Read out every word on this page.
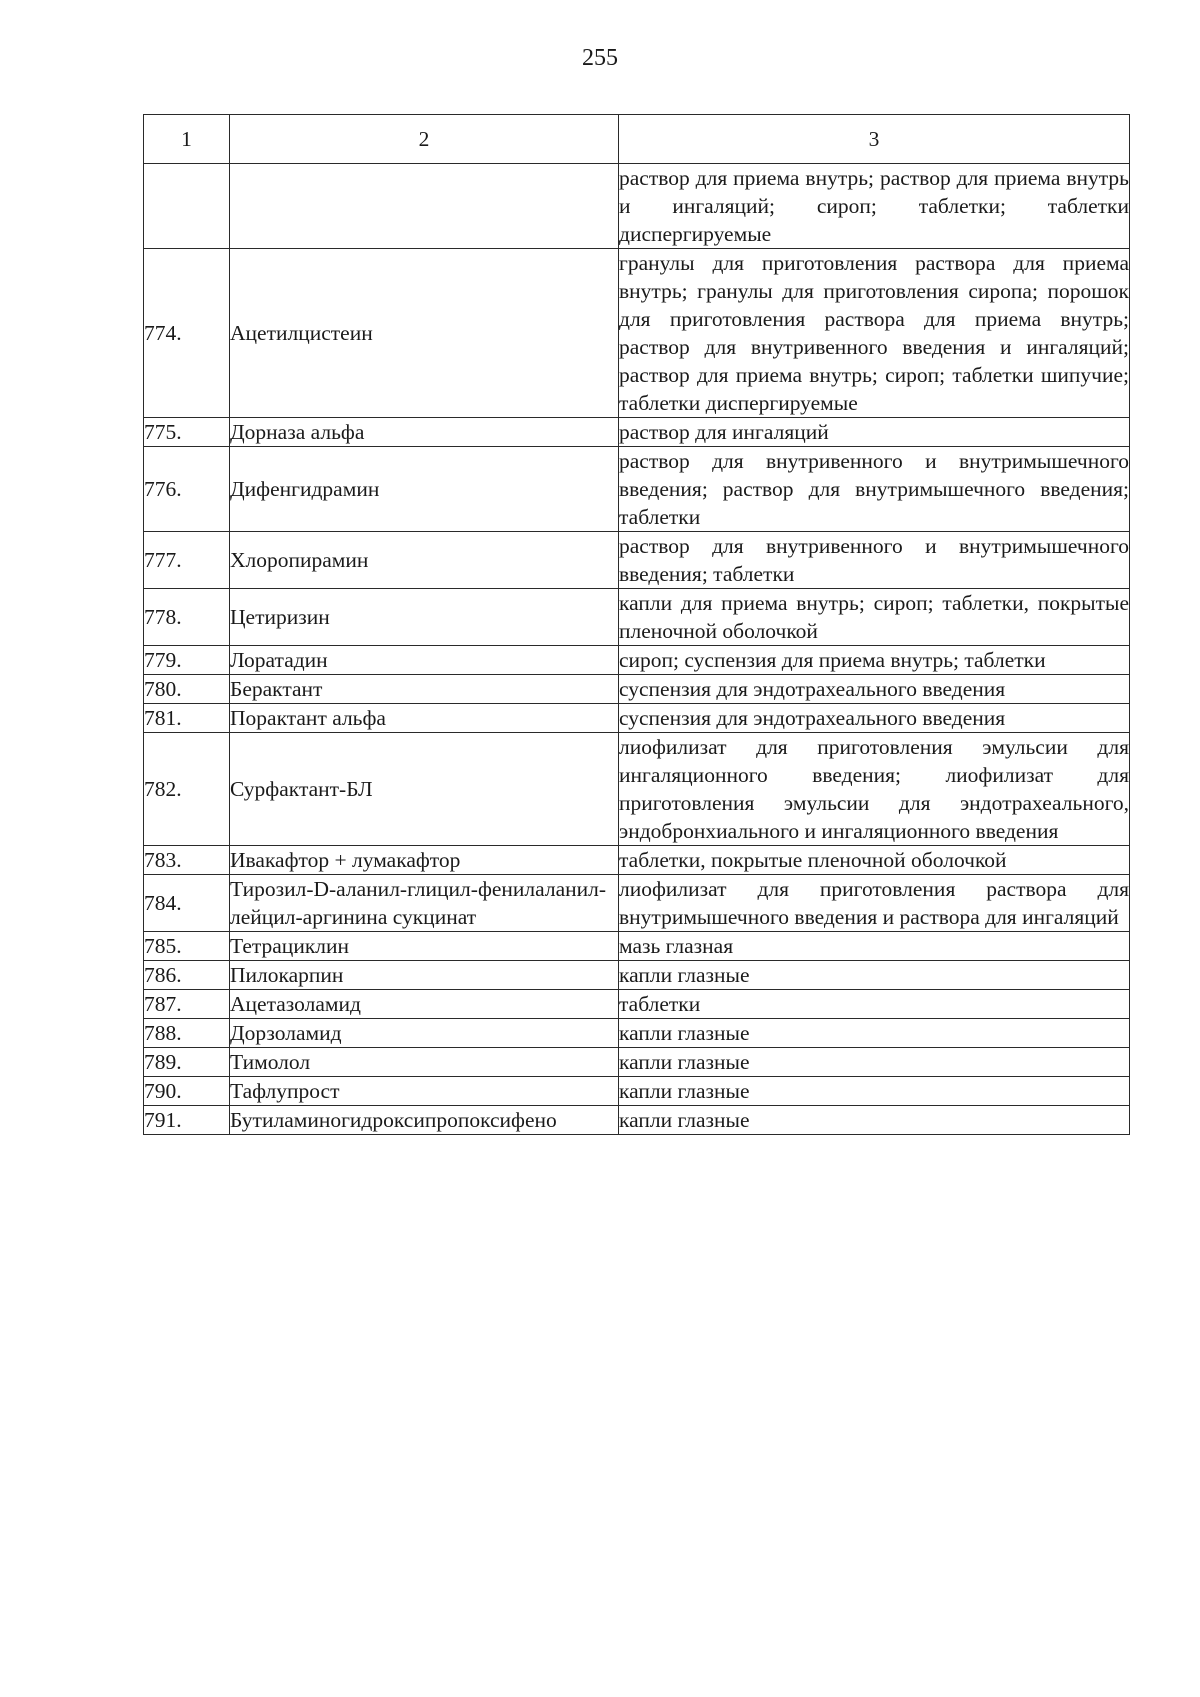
255
1	2	3
		раствор для приема внутрь; раствор для приема внутрь и ингаляций; сироп; таблетки; таблетки диспергируемые
774.	Ацетилцистеин	гранулы для приготовления раствора для приема внутрь; гранулы для приготовления сиропа; порошок для приготовления раствора для приема внутрь; раствор для внутривенного введения и ингаляций; раствор для приема внутрь; сироп; таблетки шипучие; таблетки диспергируемые
775.	Дорназа альфа	раствор для ингаляций
776.	Дифенгидрамин	раствор для внутривенного и внутримышечного введения; раствор для внутримышечного введения; таблетки
777.	Хлоропирамин	раствор для внутривенного и внутримышечного введения; таблетки
778.	Цетиризин	капли для приема внутрь; сироп; таблетки, покрытые пленочной оболочкой
779.	Лоратадин	сироп; суспензия для приема внутрь; таблетки
780.	Берактант	суспензия для эндотрахеального введения
781.	Порактант альфа	суспензия для эндотрахеального введения
782.	Сурфактант-БЛ	лиофилизат для приготовления эмульсии для ингаляционного введения; лиофилизат для приготовления эмульсии для эндотрахеального, эндобронхиального и ингаляционного введения
783.	Ивакафтор + лумакафтор	таблетки, покрытые пленочной оболочкой
784.	Тирозил-D-аланил-глицил-фенилаланил-лейцил-аргинина сукцинат	лиофилизат для приготовления раствора для внутримышечного введения и раствора для ингаляций
785.	Тетрациклин	мазь глазная
786.	Пилокарпин	капли глазные
787.	Ацетазоламид	таблетки
788.	Дорзоламид	капли глазные
789.	Тимолол	капли глазные
790.	Тафлупрост	капли глазные
791.	Бутиламиногидроксипропоксифено	капли глазные
